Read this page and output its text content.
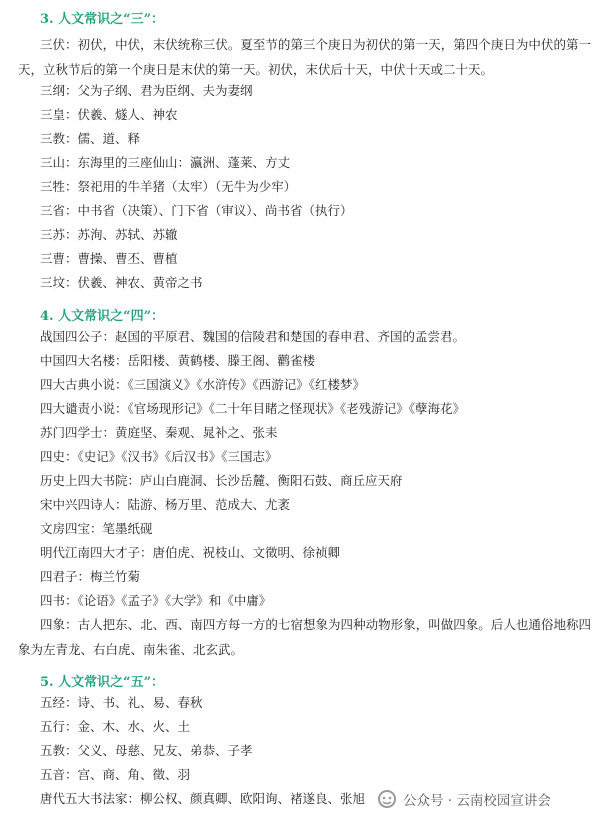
3. 人文常识之“三”：
三伏：初伏，中伏，末伏统称三伏。夏至节的第三个庚日为初伏的第一天，第四个庚日为中伏的第一天，立秋节后的第一个庚日是末伏的第一天。初伏，末伏后十天，中伏十天或二十天。
三纲：父为子纲、君为臣纲、夫为妻纲
三皇：伏羲、燧人、神农
三教：儒、道、释
三山：东海里的三座仙山：瀛洲、蓬莱、方丈
三牲：祭祀用的牛羊猪（太牢）（无牛为少牢）
三省：中书省（决策）、门下省（审议）、尚书省（执行）
三苏：苏洵、苏轼、苏辙
三曹：曹操、曹丕、曹植
三坟：伏羲、神农、黄帝之书
4. 人文常识之“四”：
战国四公子：赵国的平原君、魏国的信陵君和楚国的春申君、齐国的孟尝君。
中国四大名楼：岳阳楼、黄鹤楼、滕王阁、鹳雀楼
四大古典小说：《三国演义》《水浒传》《西游记》《红楼梦》
四大谴责小说：《官场现形记》《二十年目睹之怪现状》《老残游记》《孽海花》
苏门四学士：黄庭坚、秦观、晁补之、张耒
四史：《史记》《汉书》《后汉书》《三国志》
历史上四大书院：庐山白鹿洞、长沙岳麓、衡阳石鼓、商丘应天府
宋中兴四诗人：陆游、杨万里、范成大、尤袤
文房四宝：笔墨纸砚
明代江南四大才子：唐伯虎、祝枝山、文徵明、徐祯卿
四君子：梅兰竹菊
四书：《论语》《孟子》《大学》和《中庸》
四象：古人把东、北、西、南四方每一方的七宿想象为四种动物形象，叫做四象。后人也通俗地称四象为左青龙、右白虎、南朱雀、北玄武。
5. 人文常识之“五”：
五经：诗、书、礼、易、春秋
五行：金、木、水、火、土
五教：父义、母慈、兄友、弟恭、子孝
五音：宫、商、角、徵、羽
唐代五大书法家：柳公权、颜真卿、欧阳询、褚遂良、张旭	公众号 · 云南校园宣讲会
